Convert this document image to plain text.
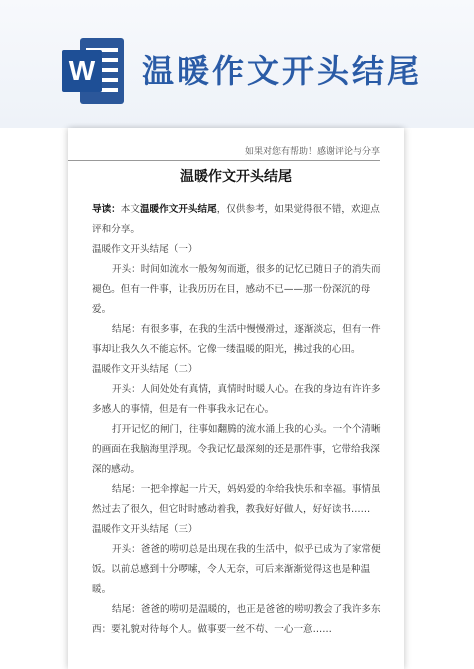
W 温暖作文开头结尾
如果对您有帮助！感谢评论与分享
温暖作文开头结尾

导读：本文温暖作文开头结尾，仅供参考，如果觉得很不错，欢迎点评和分享。

温暖作文开头结尾（一）

开头：时间如流水一般匆匆而逝，很多的记忆已随日子的消失而褪色。但有一件事，让我历历在目，感动不已——那一份深沉的母爱。

结尾：有很多事，在我的生活中慢慢滑过，逐渐淡忘，但有一件事却让我久久不能忘怀。它像一缕温暖的阳光，拂过我的心田。

温暖作文开头结尾（二）

开头：人间处处有真情，真情时时暖人心。在我的身边有许许多多感人的事情，但是有一件事我永记在心。

打开记忆的闸门，往事如翻腾的流水涌上我的心头。一个个清晰的画面在我脑海里浮现。令我记忆最深刻的还是那件事，它带给我深深的感动。

结尾：一把伞撑起一片天，妈妈爱的伞给我快乐和幸福。事情虽然过去了很久，但它时时感动着我，教我好好做人，好好读书……

温暖作文开头结尾（三）

开头：爸爸的唠叨总是出现在我的生活中，似乎已成为了家常便饭。以前总感到十分啰嗦，令人无奈，可后来渐渐觉得这也是种温暖。

结尾：爸爸的唠叨是温暖的，也正是爸爸的唠叨教会了我许多东西：要礼貌对待每个人。做事要一丝不苟、一心一意……
